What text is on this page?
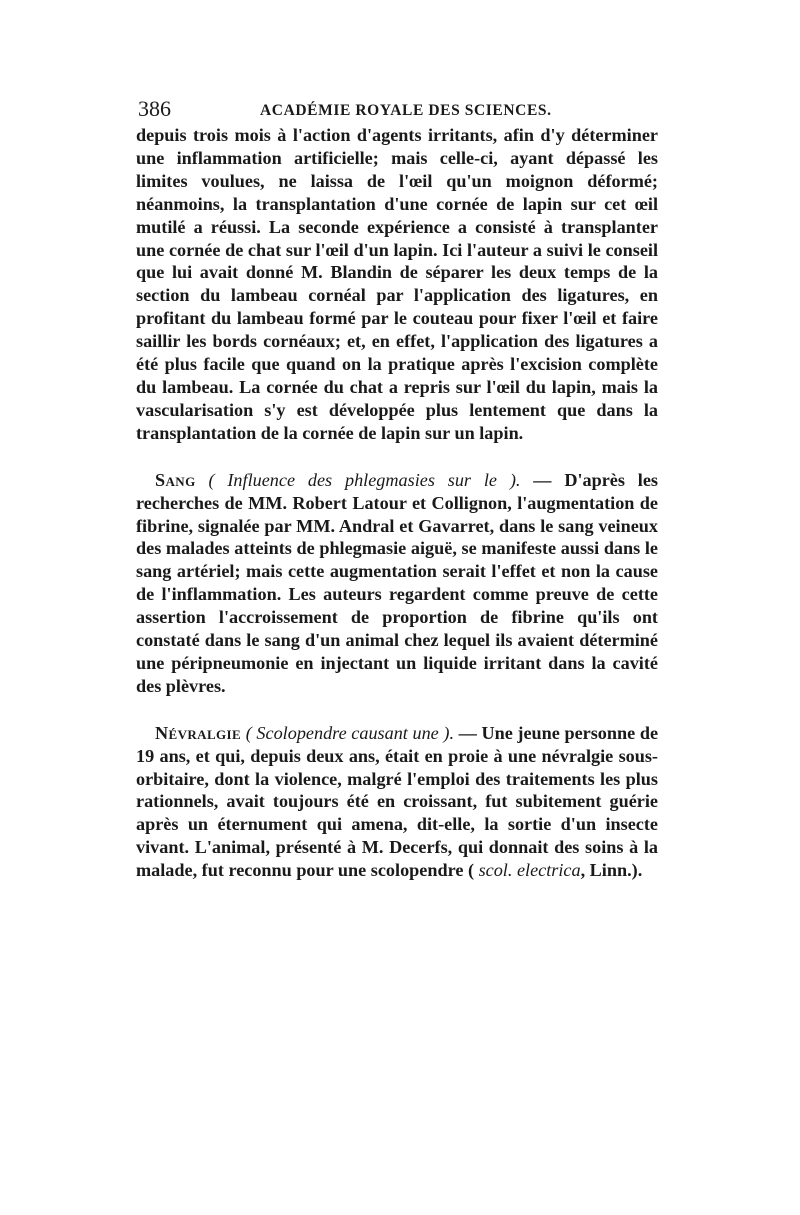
386	ACADÉMIE ROYALE DES SCIENCES.

depuis trois mois à l'action d'agents irritants, afin d'y déterminer une inflammation artificielle; mais celle-ci, ayant dépassé les limites voulues, ne laissa de l'œil qu'un moignon déformé; néanmoins, la transplantation d'une cornée de lapin sur cet œil mutilé a réussi. La seconde expérience a consisté à transplanter une cornée de chat sur l'œil d'un lapin. Ici l'auteur a suivi le conseil que lui avait donné M. Blandin de séparer les deux temps de la section du lambeau cornéal par l'application des ligatures, en profitant du lambeau formé par le couteau pour fixer l'œil et faire saillir les bords cornéaux; et, en effet, l'application des ligatures a été plus facile que quand on la pratique après l'excision complète du lambeau. La cornée du chat a repris sur l'œil du lapin, mais la vascularisation s'y est développée plus lentement que dans la transplantation de la cornée de lapin sur un lapin.

Sang ( Influence des phlegmasies sur le ). — D'après les recherches de MM. Robert Latour et Collignon, l'augmentation de fibrine, signalée par MM. Andral et Gavarret, dans le sang veineux des malades atteints de phlegmasie aiguë, se manifeste aussi dans le sang artériel; mais cette augmentation serait l'effet et non la cause de l'inflammation. Les auteurs regardent comme preuve de cette assertion l'accroissement de proportion de fibrine qu'ils ont constaté dans le sang d'un animal chez lequel ils avaient déterminé une péripneumonie en injectant un liquide irritant dans la cavité des plèvres.

Névralgie ( Scolopendre causant une ). — Une jeune personne de 19 ans, et qui, depuis deux ans, était en proie à une névralgie sous-orbitaire, dont la violence, malgré l'emploi des traitements les plus rationnels, avait toujours été en croissant, fut subitement guérie après un éternument qui amena, dit-elle, la sortie d'un insecte vivant. L'animal, présenté à M. Decerfs, qui donnait des soins à la malade, fut reconnu pour une scolopendre ( scol. electrica, Linn.).
